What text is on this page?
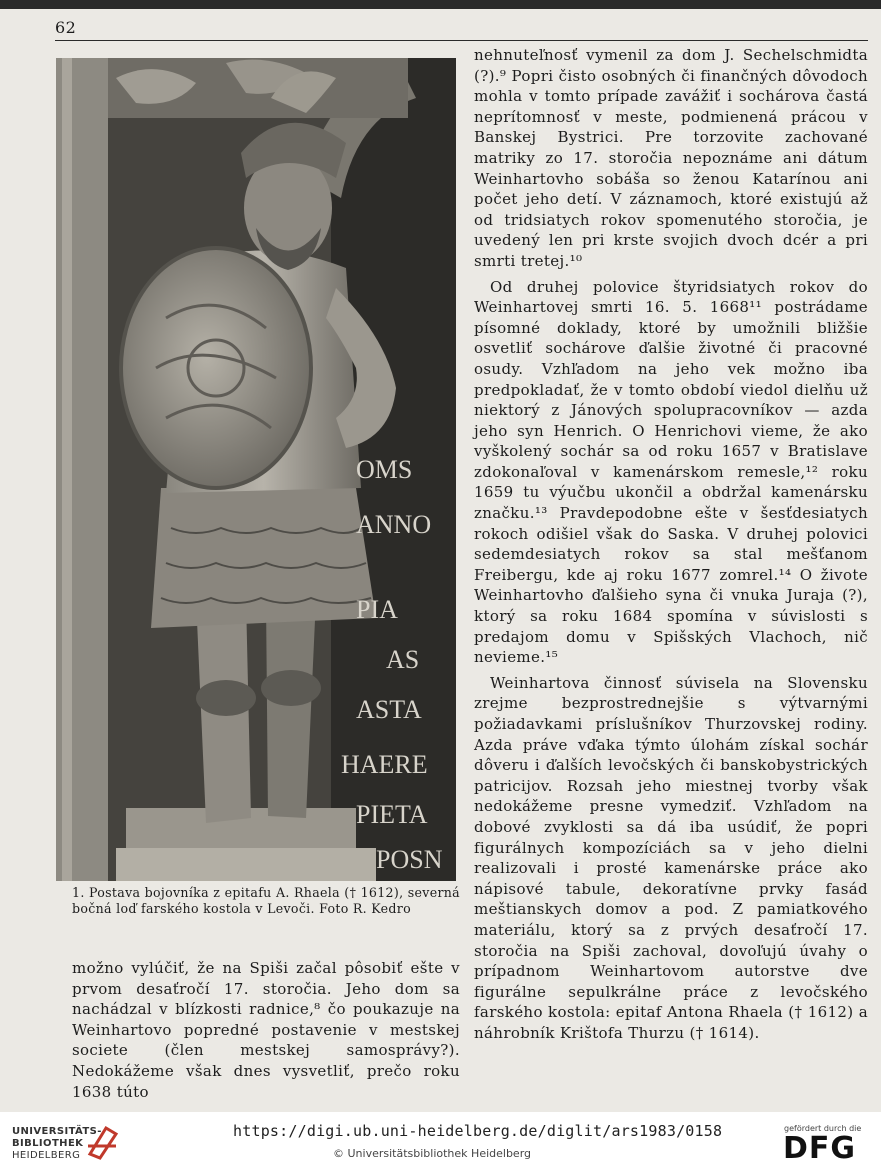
62
OMS
ANNO
PIA
AS
ASTA
HAERE
PIETA
POSN
1. Postava bojovníka z epitafu A. Rhaela († 1612), severná bočná loď farského kostola v Levoči. Foto R. Kedro

možno vylúčiť, že na Spiši začal pôsobiť ešte v prvom desaťročí 17. storočia. Jeho dom sa nachádzal v blízkosti radnice,⁸ čo poukazuje na Weinhartovo popredné postavenie v mestskej societe (člen mestskej samosprávy?). Nedokážeme však dnes vysvetliť, prečo roku 1638 túto

nehnuteľnosť vymenil za dom J. Sechelschmidta (?).⁹ Popri čisto osobných či finančných dôvodoch mohla v tomto prípade zavážiť i sochárova častá neprítomnosť v meste, podmienená prácou v Banskej Bystrici. Pre torzovite zachované matriky zo 17. storočia nepoznáme ani dátum Weinhartovho sobáša so ženou Katarínou ani počet jeho detí. V záznamoch, ktoré existujú až od tridsiatych rokov spomenutého storočia, je uvedený len pri krste svojich dvoch dcér a pri smrti tretej.¹⁰

Od druhej polovice štyridsiatych rokov do Weinhartovej smrti 16. 5. 1668¹¹ postrádame písomné doklady, ktoré by umožnili bližšie osvetliť sochárove ďalšie životné či pracovné osudy. Vzhľadom na jeho vek možno iba predpokladať, že v tomto období viedol dielňu už niektorý z Jánových spolupracovníkov — azda jeho syn Henrich. O Henrichovi vieme, že ako vyškolený sochár sa od roku 1657 v Bratislave zdokonaľoval v kamenárskom remesle,¹² roku 1659 tu výučbu ukončil a obdržal kamenársku značku.¹³ Pravdepodobne ešte v šesťdesiatych rokoch odišiel však do Saska. V druhej polovici sedemdesiatych rokov sa stal mešťanom Freibergu, kde aj roku 1677 zomrel.¹⁴ O živote Weinhartovho ďalšieho syna či vnuka Juraja (?), ktorý sa roku 1684 spomína v súvislosti s predajom domu v Spišských Vlachoch, nič nevieme.¹⁵

Weinhartova činnosť súvisela na Slovensku zrejme bezprostrednejšie s výtvarnými požiadavkami príslušníkov Thurzovskej rodiny. Azda práve vďaka týmto úlohám získal sochár dôveru i ďalších levočských či banskobystrických patricijov. Rozsah jeho miestnej tvorby však nedokážeme presne vymedziť. Vzhľadom na dobové zvyklosti sa dá iba usúdiť, že popri figurálnych kompozíciách sa v jeho dielni realizovali i prosté kamenárske práce ako nápisové tabule, dekoratívne prvky fasád meštianskych domov a pod. Z pamiatkového materiálu, ktorý sa z prvých desaťročí 17. storočia na Spiši zachoval, dovoľujú úvahy o prípadnom Weinhartovom autorstve dve figurálne sepulkrálne práce z levočského farského kostola: epitaf Antona Rhaela († 1612) a náhrobník Krištofa Thurzu († 1614).

UNIVERSITÄTS-
BIBLIOTHEK
HEIDELBERG
https://digi.ub.uni-heidelberg.de/diglit/ars1983/0158
© Universitätsbibliothek Heidelberg
gefördert durch die
DFG
